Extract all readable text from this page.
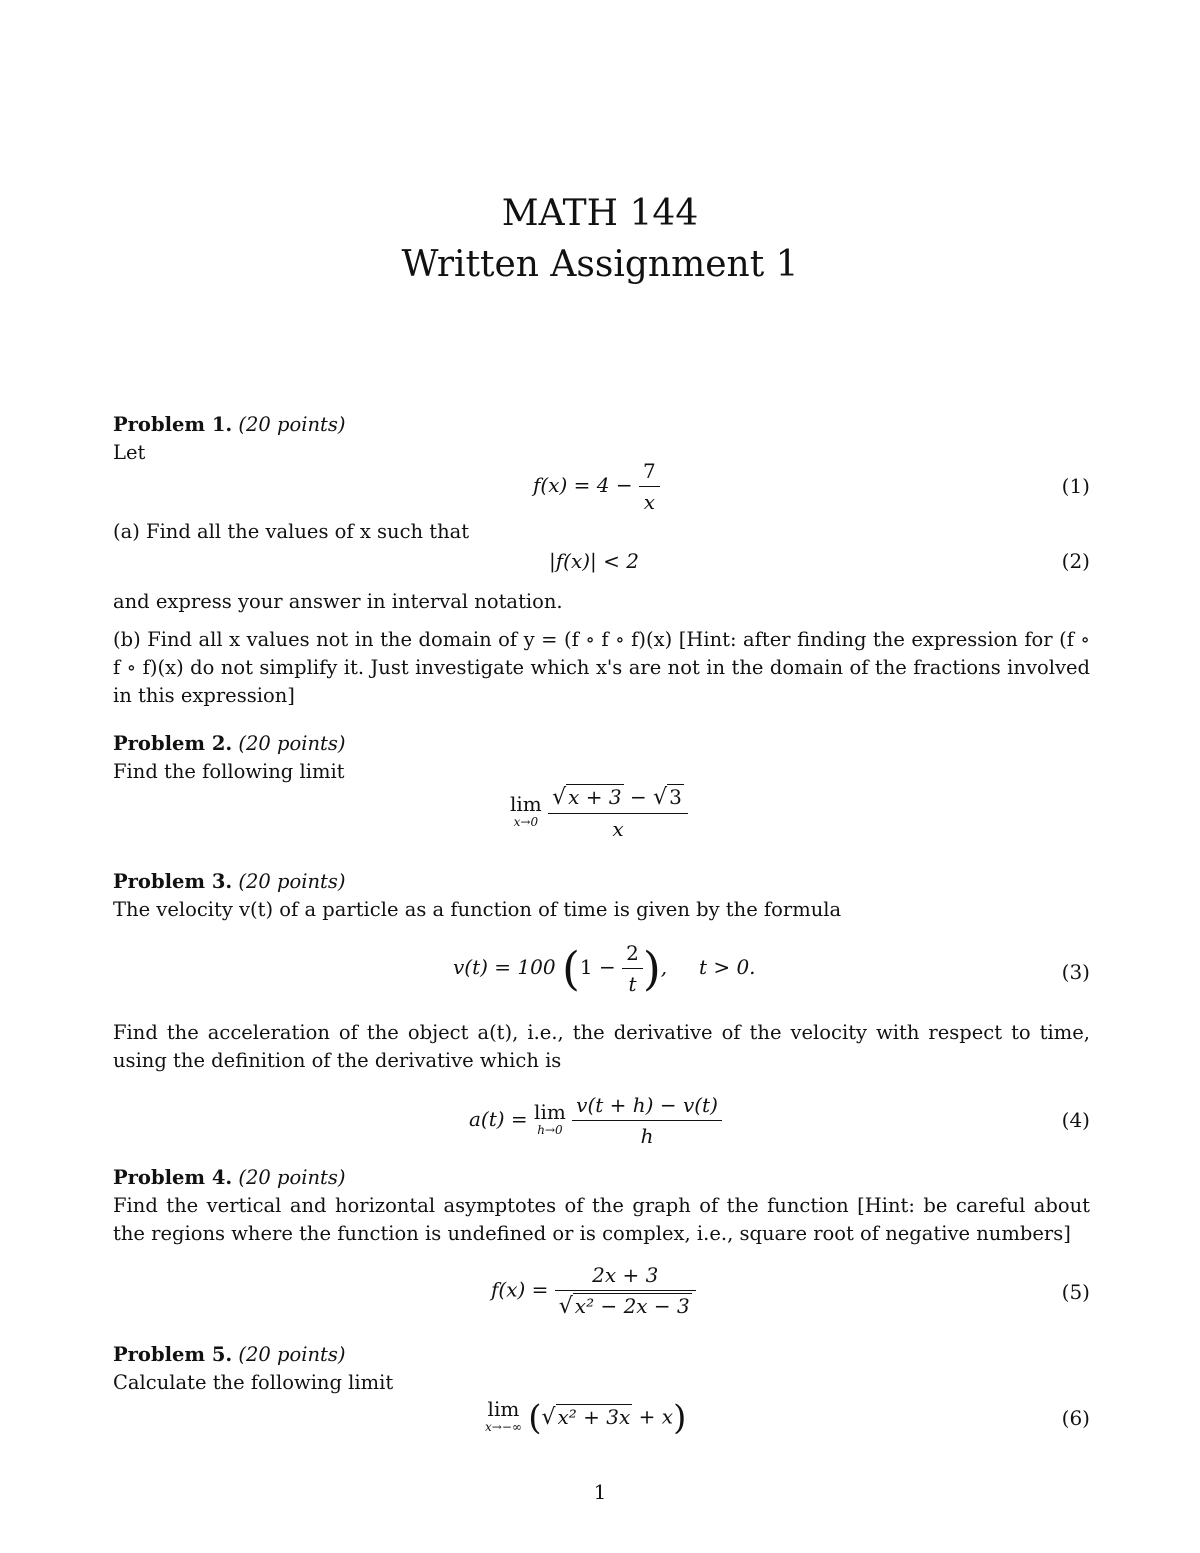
MATH 144
Written Assignment 1
Problem 1. (20 points)
Let
$f(x) = 4 - \frac{7}{x}$	(1)
(a) Find all the values of x such that
|f(x)| < 2	(2)
and express your answer in interval notation.
(b) Find all x values not in the domain of y = (f ∘ f ∘ f)(x) [Hint: after finding the expression for (f ∘ f ∘ f)(x) do not simplify it. Just investigate which x's are not in the domain of the fractions involved in this expression]
Problem 2. (20 points)
Find the following limit
lim
x→0
$\frac{√ x + 3 - √ 3}{x}$
Problem 3. (20 points)
The velocity v(t) of a particle as a function of time is given by the formula
v(t) = 100 ($1 - \frac{2}{t}$ ),     t > 0.	(3)
Find the acceleration of the object a(t), i.e., the derivative of the velocity with respect to time, using the definition of the derivative which is
a(t) = lim
h→0
$\frac{v(t + h) - v(t)}{h}$	(4)
Problem 4. (20 points)
Find the vertical and horizontal asymptotes of the graph of the function [Hint: be careful about the regions where the function is undefined or is complex, i.e., square root of negative numbers]
$f(x) = \frac{2x + 3}{\text{√ x² − 2x − 3}}$	(5)
Problem 5. (20 points)
Calculate the following limit
lim
x→−∞ (√ x² + 3x + x)	(6)
1
